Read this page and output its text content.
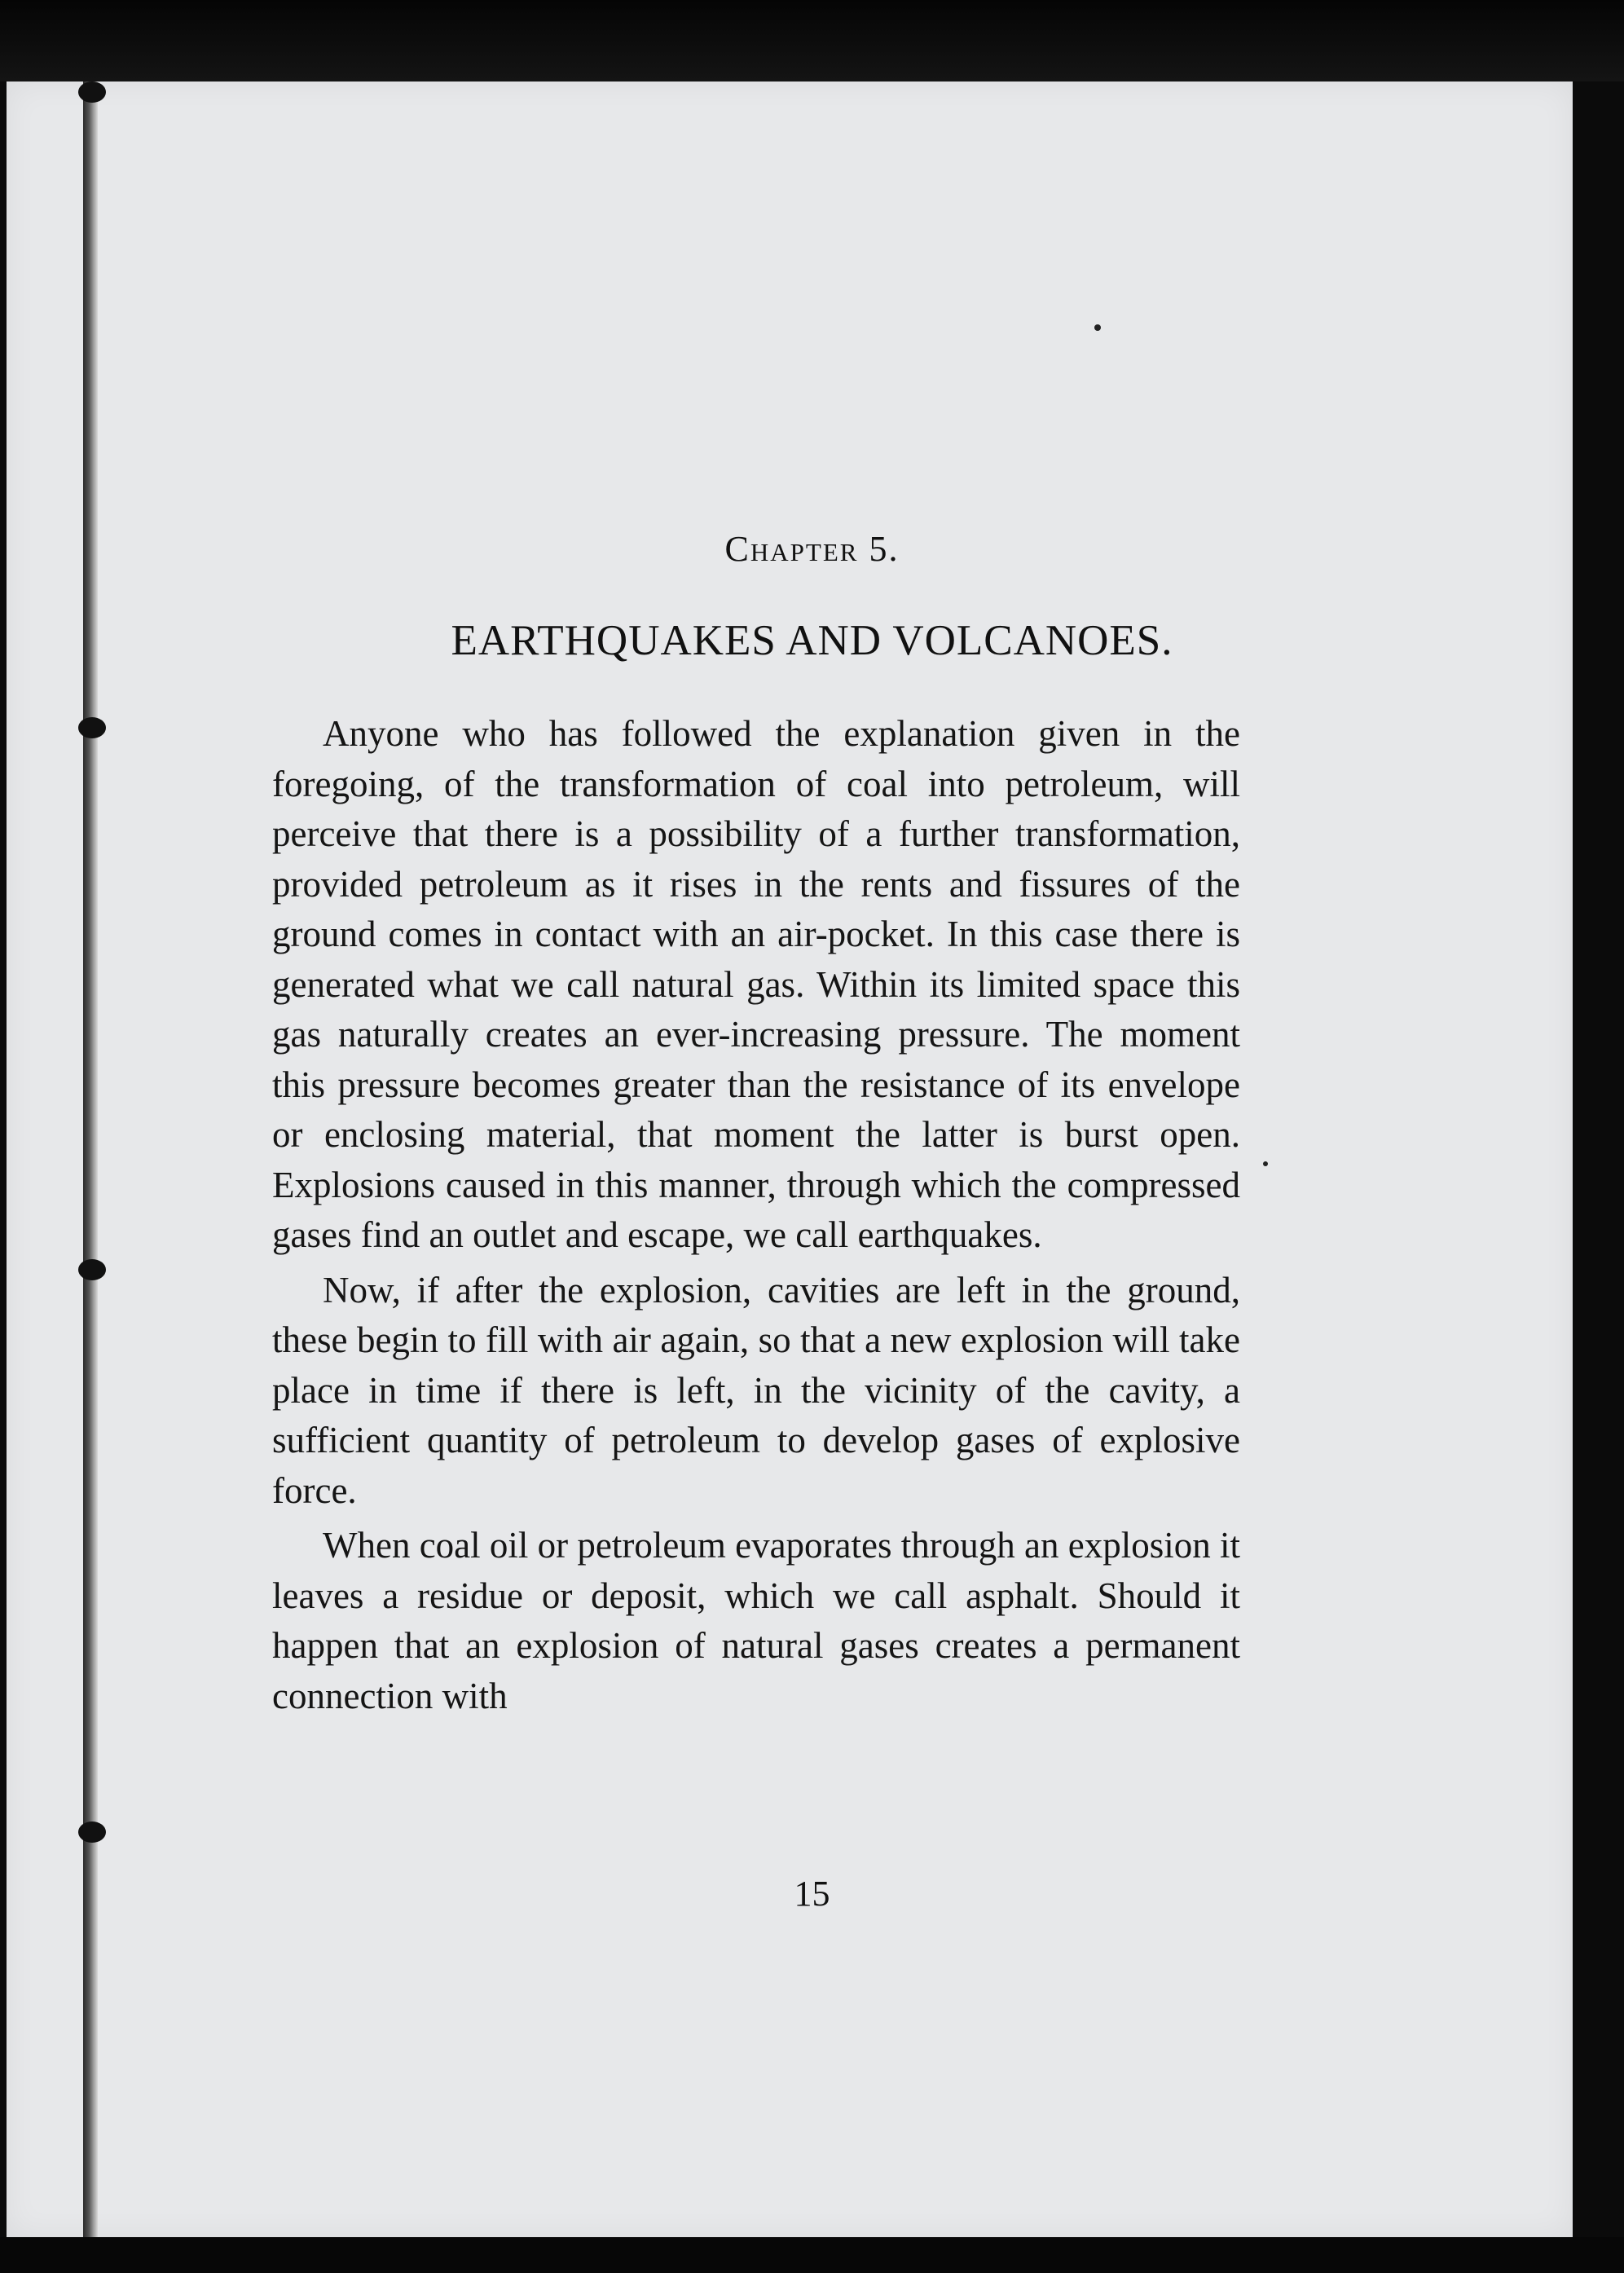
Chapter 5.
EARTHQUAKES AND VOLCANOES.

Anyone who has followed the explanation given in the foregoing, of the transformation of coal into petroleum, will perceive that there is a possibility of a further transformation, provided petroleum as it rises in the rents and fissures of the ground comes in contact with an air-pocket. In this case there is generated what we call natural gas. Within its limited space this gas naturally creates an ever-increasing pressure. The moment this pressure becomes greater than the resistance of its envelope or enclosing material, that moment the latter is burst open. Explosions caused in this manner, through which the compressed gases find an outlet and escape, we call earthquakes.

Now, if after the explosion, cavities are left in the ground, these begin to fill with air again, so that a new explosion will take place in time if there is left, in the vicinity of the cavity, a sufficient quantity of petroleum to develop gases of explosive force.

When coal oil or petroleum evaporates through an explosion it leaves a residue or deposit, which we call asphalt. Should it happen that an explosion of natural gases creates a permanent connection with

15
